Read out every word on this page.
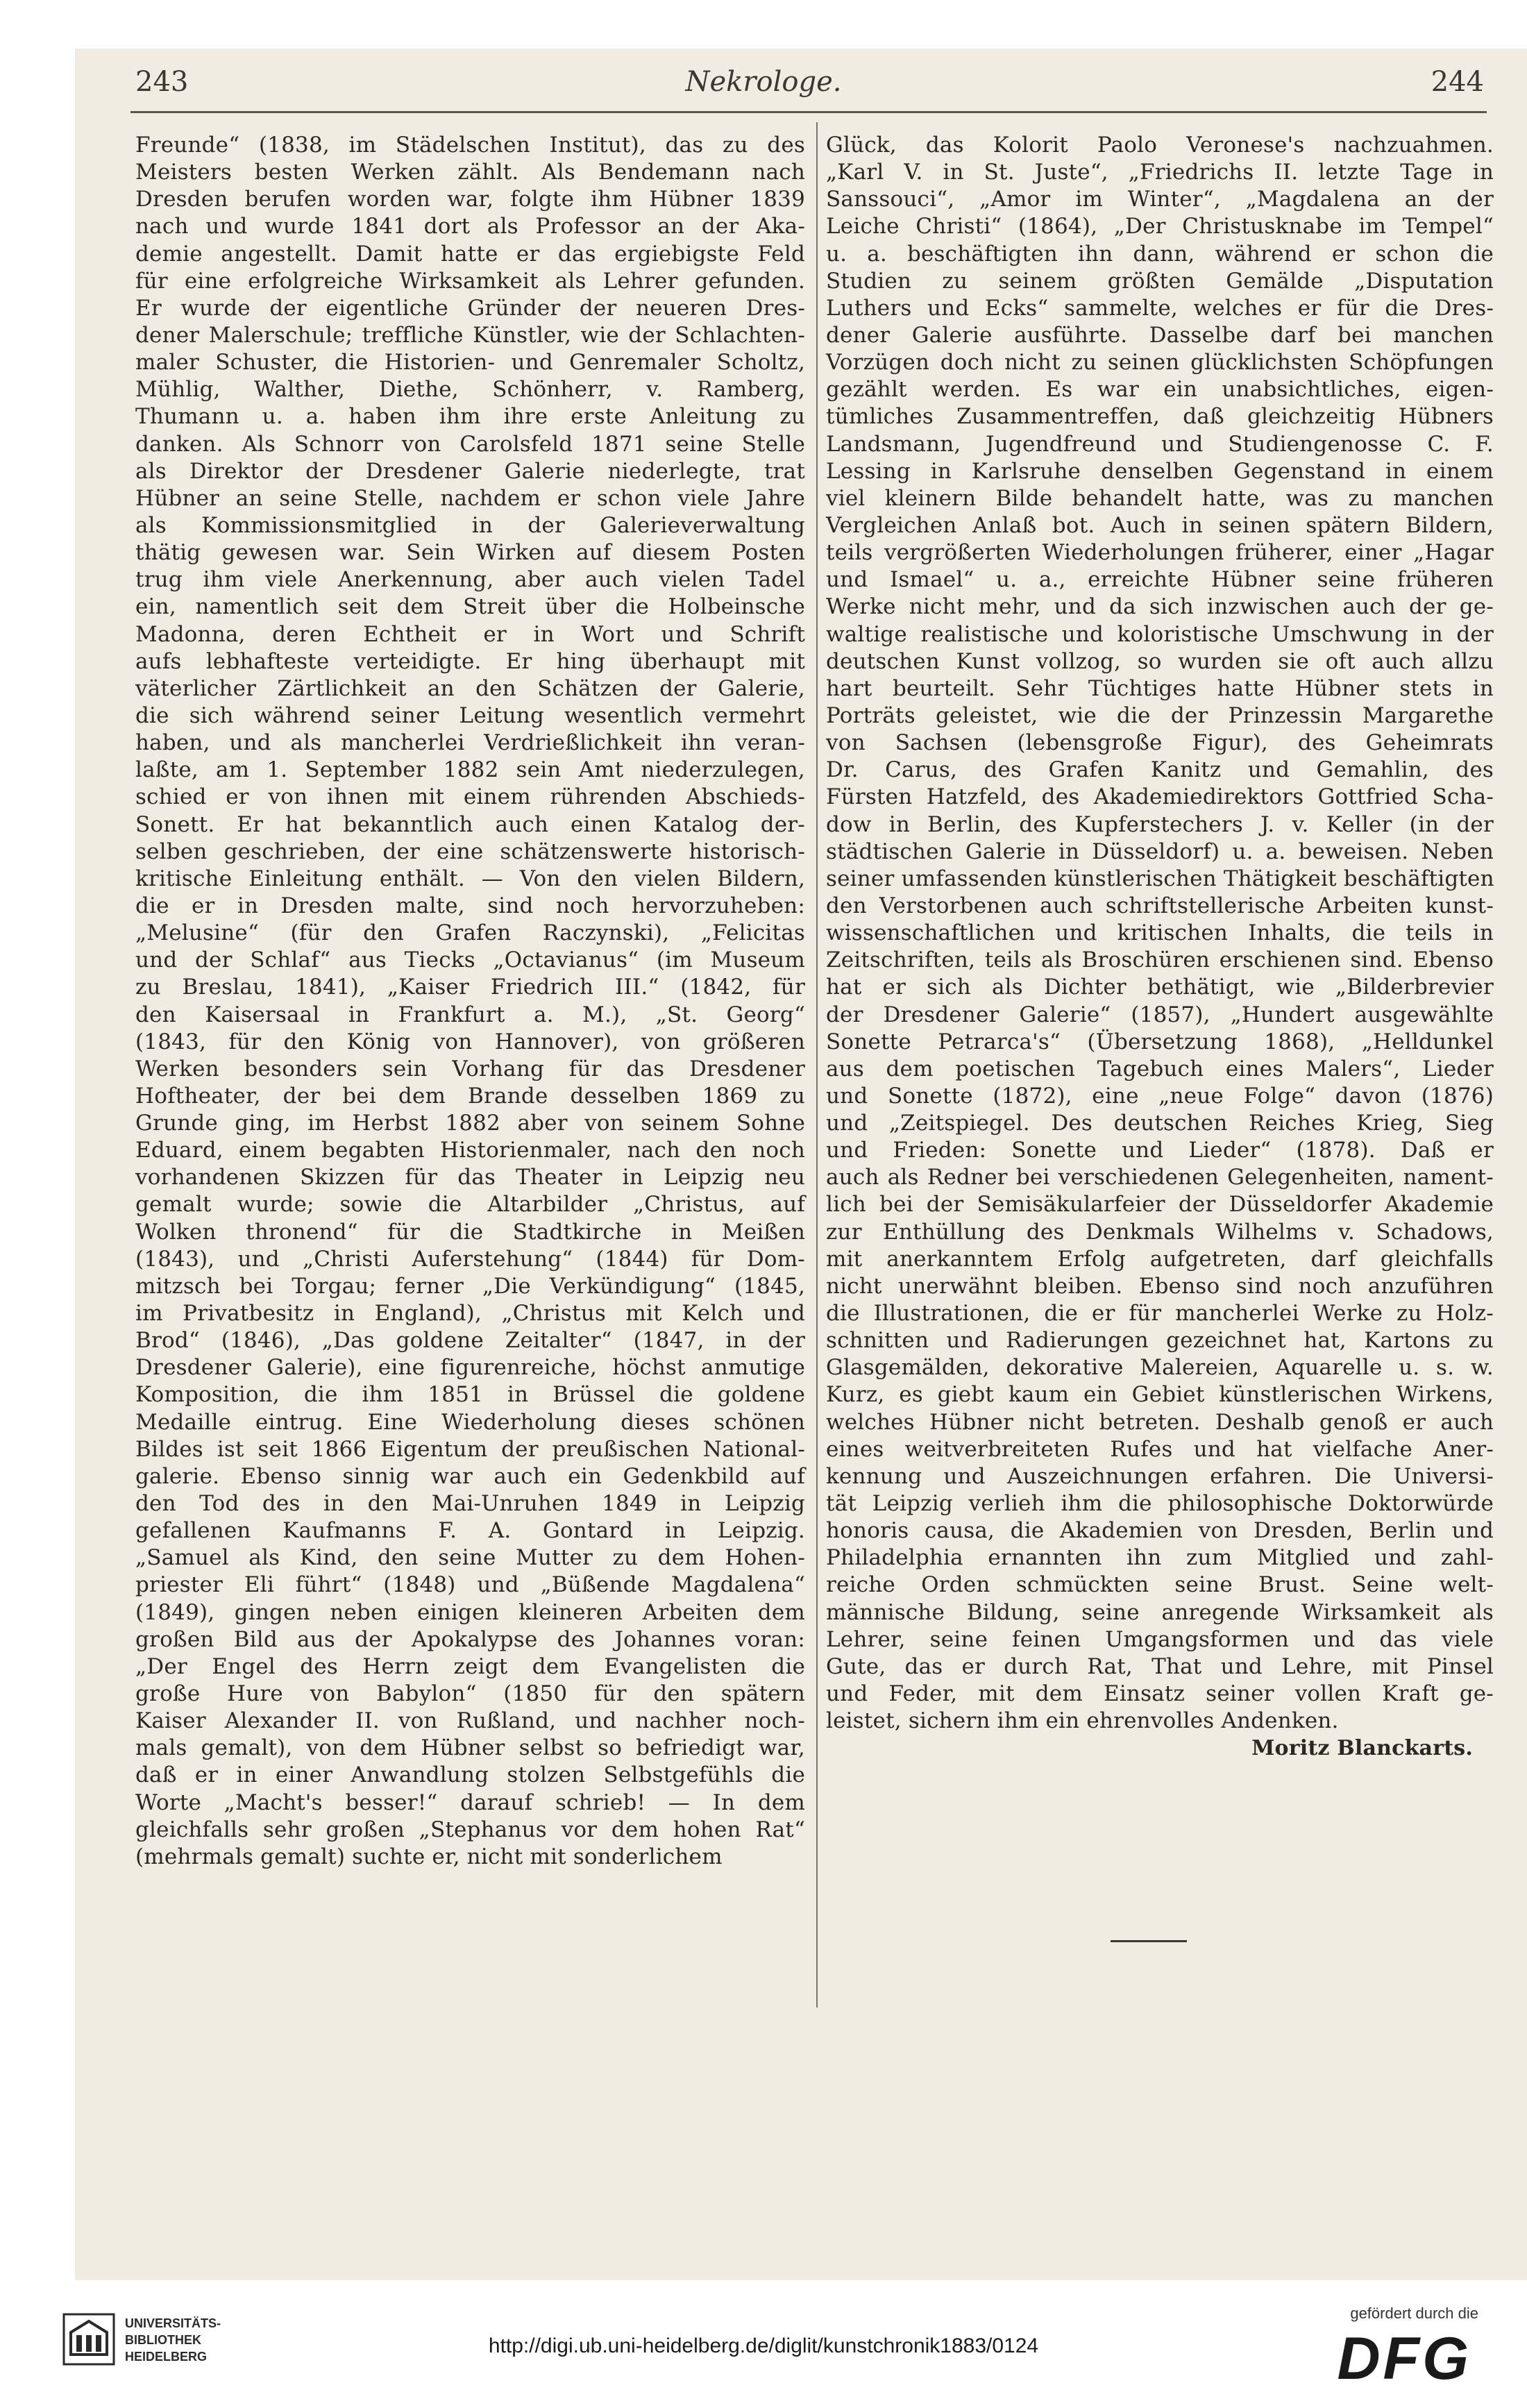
243	Nekrologe.	244
Freunde“ (1838, im Städelschen Institut), das zu des
Meisters besten Werken zählt. Als Bendemann nach
Dresden berufen worden war, folgte ihm Hübner 1839
nach und wurde 1841 dort als Professor an der Aka-
demie angestellt. Damit hatte er das ergiebigste Feld
für eine erfolgreiche Wirksamkeit als Lehrer gefunden.
Er wurde der eigentliche Gründer der neueren Dres-
dener Malerschule; treffliche Künstler, wie der Schlachten-
maler Schuster, die Historien- und Genremaler Scholtz,
Mühlig, Walther, Diethe, Schönherr, v. Ramberg,
Thumann u. a. haben ihm ihre erste Anleitung zu
danken. Als Schnorr von Carolsfeld 1871 seine Stelle
als Direktor der Dresdener Galerie niederlegte, trat
Hübner an seine Stelle, nachdem er schon viele Jahre
als Kommissionsmitglied in der Galerieverwaltung
thätig gewesen war. Sein Wirken auf diesem Posten
trug ihm viele Anerkennung, aber auch vielen Tadel
ein, namentlich seit dem Streit über die Holbeinsche
Madonna, deren Echtheit er in Wort und Schrift
aufs lebhafteste verteidigte. Er hing überhaupt mit
väterlicher Zärtlichkeit an den Schätzen der Galerie,
die sich während seiner Leitung wesentlich vermehrt
haben, und als mancherlei Verdrießlichkeit ihn veran-
laßte, am 1. September 1882 sein Amt niederzulegen,
schied er von ihnen mit einem rührenden Abschieds-
Sonett. Er hat bekanntlich auch einen Katalog der-
selben geschrieben, der eine schätzenswerte historisch-
kritische Einleitung enthält. — Von den vielen Bildern,
die er in Dresden malte, sind noch hervorzuheben:
„Melusine“ (für den Grafen Raczynski), „Felicitas
und der Schlaf“ aus Tiecks „Octavianus“ (im Museum
zu Breslau, 1841), „Kaiser Friedrich III.“ (1842, für
den Kaisersaal in Frankfurt a. M.), „St. Georg“
(1843, für den König von Hannover), von größeren
Werken besonders sein Vorhang für das Dresdener
Hoftheater, der bei dem Brande desselben 1869 zu
Grunde ging, im Herbst 1882 aber von seinem Sohne
Eduard, einem begabten Historienmaler, nach den noch
vorhandenen Skizzen für das Theater in Leipzig neu
gemalt wurde; sowie die Altarbilder „Christus, auf
Wolken thronend“ für die Stadtkirche in Meißen
(1843), und „Christi Auferstehung“ (1844) für Dom-
mitzsch bei Torgau; ferner „Die Verkündigung“ (1845,
im Privatbesitz in England), „Christus mit Kelch und
Brod“ (1846), „Das goldene Zeitalter“ (1847, in der
Dresdener Galerie), eine figurenreiche, höchst anmutige
Komposition, die ihm 1851 in Brüssel die goldene
Medaille eintrug. Eine Wiederholung dieses schönen
Bildes ist seit 1866 Eigentum der preußischen National-
galerie. Ebenso sinnig war auch ein Gedenkbild auf
den Tod des in den Mai-Unruhen 1849 in Leipzig
gefallenen Kaufmanns F. A. Gontard in Leipzig.
„Samuel als Kind, den seine Mutter zu dem Hohen-
priester Eli führt“ (1848) und „Büßende Magdalena“
(1849), gingen neben einigen kleineren Arbeiten dem
großen Bild aus der Apokalypse des Johannes voran:
„Der Engel des Herrn zeigt dem Evangelisten die
große Hure von Babylon“ (1850 für den spätern
Kaiser Alexander II. von Rußland, und nachher noch-
mals gemalt), von dem Hübner selbst so befriedigt war,
daß er in einer Anwandlung stolzen Selbstgefühls die
Worte „Macht's besser!“ darauf schrieb! — In dem
gleichfalls sehr großen „Stephanus vor dem hohen Rat“
(mehrmals gemalt) suchte er, nicht mit sonderlichem
Glück, das Kolorit Paolo Veronese's nachzuahmen.
„Karl V. in St. Juste“, „Friedrichs II. letzte Tage in
Sanssouci“, „Amor im Winter“, „Magdalena an der
Leiche Christi“ (1864), „Der Christusknabe im Tempel“
u. a. beschäftigten ihn dann, während er schon die
Studien zu seinem größten Gemälde „Disputation
Luthers und Ecks“ sammelte, welches er für die Dres-
dener Galerie ausführte. Dasselbe darf bei manchen
Vorzügen doch nicht zu seinen glücklichsten Schöpfungen
gezählt werden. Es war ein unabsichtliches, eigen-
tümliches Zusammentreffen, daß gleichzeitig Hübners
Landsmann, Jugendfreund und Studiengenosse C. F.
Lessing in Karlsruhe denselben Gegenstand in einem
viel kleinern Bilde behandelt hatte, was zu manchen
Vergleichen Anlaß bot. Auch in seinen spätern Bildern,
teils vergrößerten Wiederholungen früherer, einer „Hagar
und Ismael“ u. a., erreichte Hübner seine früheren
Werke nicht mehr, und da sich inzwischen auch der ge-
waltige realistische und koloristische Umschwung in der
deutschen Kunst vollzog, so wurden sie oft auch allzu
hart beurteilt. Sehr Tüchtiges hatte Hübner stets in
Porträts geleistet, wie die der Prinzessin Margarethe
von Sachsen (lebensgroße Figur), des Geheimrats
Dr. Carus, des Grafen Kanitz und Gemahlin, des
Fürsten Hatzfeld, des Akademiedirektors Gottfried Scha-
dow in Berlin, des Kupferstechers J. v. Keller (in der
städtischen Galerie in Düsseldorf) u. a. beweisen. Neben
seiner umfassenden künstlerischen Thätigkeit beschäftigten
den Verstorbenen auch schriftstellerische Arbeiten kunst-
wissenschaftlichen und kritischen Inhalts, die teils in
Zeitschriften, teils als Broschüren erschienen sind. Ebenso
hat er sich als Dichter bethätigt, wie „Bilderbrevier
der Dresdener Galerie“ (1857), „Hundert ausgewählte
Sonette Petrarca's“ (Übersetzung 1868), „Helldunkel
aus dem poetischen Tagebuch eines Malers“, Lieder
und Sonette (1872), eine „neue Folge“ davon (1876)
und „Zeitspiegel. Des deutschen Reiches Krieg, Sieg
und Frieden: Sonette und Lieder“ (1878). Daß er
auch als Redner bei verschiedenen Gelegenheiten, nament-
lich bei der Semisäkularfeier der Düsseldorfer Akademie
zur Enthüllung des Denkmals Wilhelms v. Schadows,
mit anerkanntem Erfolg aufgetreten, darf gleichfalls
nicht unerwähnt bleiben. Ebenso sind noch anzuführen
die Illustrationen, die er für mancherlei Werke zu Holz-
schnitten und Radierungen gezeichnet hat, Kartons zu
Glasgemälden, dekorative Malereien, Aquarelle u. s. w.
Kurz, es giebt kaum ein Gebiet künstlerischen Wirkens,
welches Hübner nicht betreten. Deshalb genoß er auch
eines weitverbreiteten Rufes und hat vielfache Aner-
kennung und Auszeichnungen erfahren. Die Universi-
tät Leipzig verlieh ihm die philosophische Doktorwürde
honoris causa, die Akademien von Dresden, Berlin und
Philadelphia ernannten ihn zum Mitglied und zahl-
reiche Orden schmückten seine Brust. Seine welt-
männische Bildung, seine anregende Wirksamkeit als
Lehrer, seine feinen Umgangsformen und das viele
Gute, das er durch Rat, That und Lehre, mit Pinsel
und Feder, mit dem Einsatz seiner vollen Kraft ge-
leistet, sichern ihm ein ehrenvolles Andenken.
Moritz Blanckarts.
UNIVERSITÄTS-
BIBLIOTHEK
HEIDELBERG	http://digi.ub.uni-heidelberg.de/diglit/kunstchronik1883/0124
gefördert durch die
DFG
